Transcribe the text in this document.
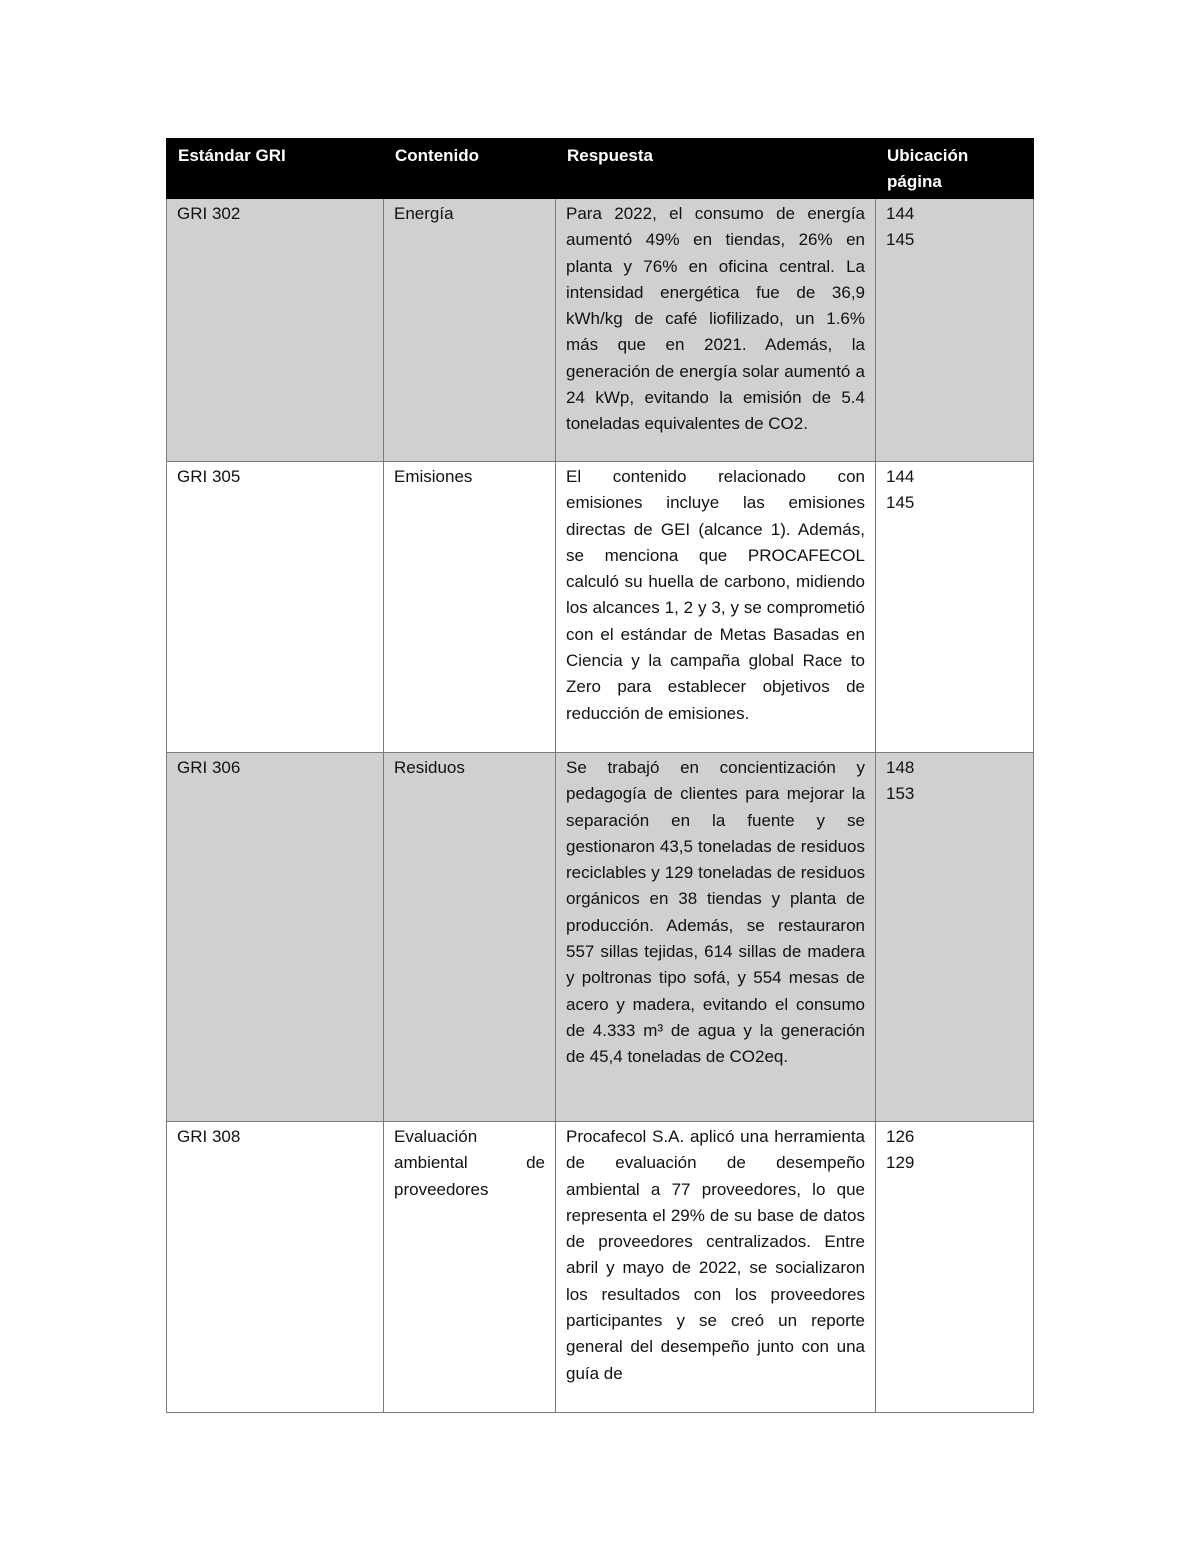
Estándar GRI	Contenido	Respuesta	Ubicación página
GRI 302	Energía	Para 2022, el consumo de energía aumentó 49% en tiendas, 26% en planta y 76% en oficina central. La intensidad energética fue de 36,9 kWh/kg de café liofilizado, un 1.6% más que en 2021. Además, la generación de energía solar aumentó a 24 kWp, evitando la emisión de 5.4 toneladas equivalentes de CO2.	144
145

GRI 305	Emisiones	El contenido relacionado con emisiones incluye las emisiones directas de GEI (alcance 1). Además, se menciona que PROCAFECOL calculó su huella de carbono, midiendo los alcances 1, 2 y 3, y se comprometió con el estándar de Metas Basadas en Ciencia y la campaña global Race to Zero para establecer objetivos de reducción de emisiones.	144
145

GRI 306	Residuos	Se trabajó en concientización y pedagogía de clientes para mejorar la separación en la fuente y se gestionaron 43,5 toneladas de residuos reciclables y 129 toneladas de residuos orgánicos en 38 tiendas y planta de producción. Además, se restauraron 557 sillas tejidas, 614 sillas de madera y poltronas tipo sofá, y 554 mesas de acero y madera, evitando el consumo de 4.333 m³ de agua y la generación de 45,4 toneladas de CO2eq.	148
153

GRI 308	Evaluación ambiental de proveedores	Procafecol S.A. aplicó una herramienta de evaluación de desempeño ambiental a 77 proveedores, lo que representa el 29% de su base de datos de proveedores centralizados. Entre abril y mayo de 2022, se socializaron los resultados con los proveedores participantes y se creó un reporte general del desempeño junto con una guía de	126
129
